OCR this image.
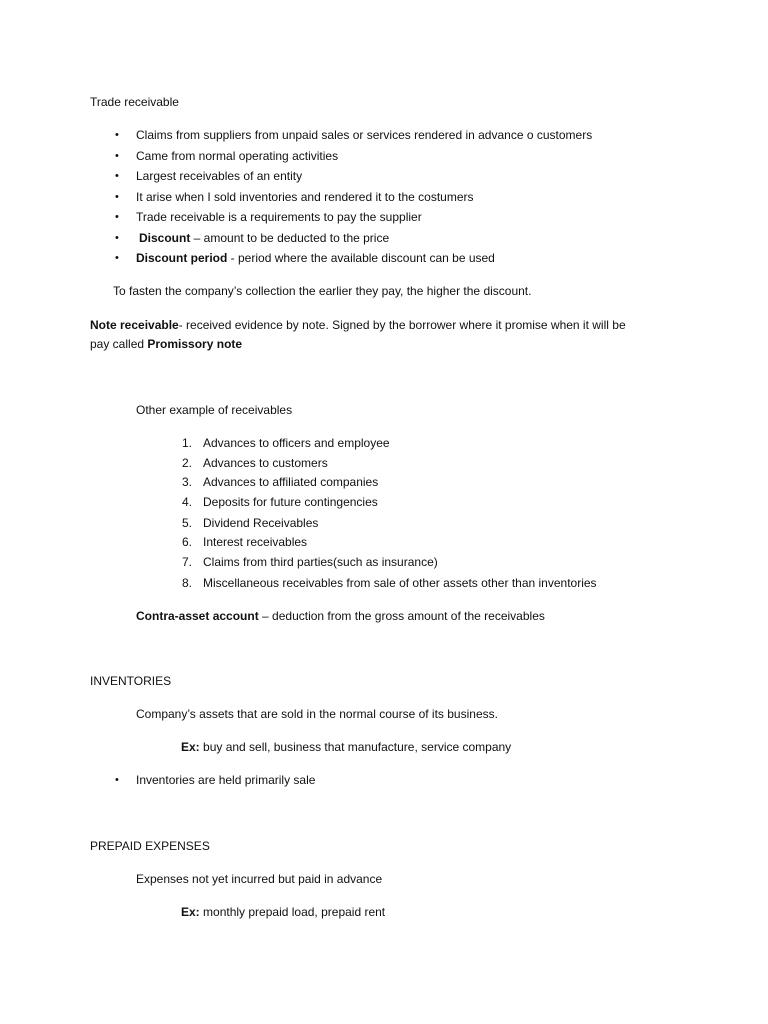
Trade receivable
• Claims from suppliers from unpaid sales or services rendered in advance o customers
• Came from normal operating activities
• Largest receivables of an entity
• It arise when I sold inventories and rendered it to the costumers
• Trade receivable is a requirements to pay the supplier
• Discount – amount to be deducted to the price
• Discount period - period where the available discount can be used
To fasten the company’s collection the earlier they pay, the higher the discount.
Note receivable- received evidence by note. Signed by the borrower where it promise when it will be
pay called Promissory note
Other example of receivables
1. Advances to officers and employee
2. Advances to customers
3. Advances to affiliated companies
4. Deposits for future contingencies
5. Dividend Receivables
6. Interest receivables
7. Claims from third parties(such as insurance)
8. Miscellaneous receivables from sale of other assets other than inventories
Contra-asset account – deduction from the gross amount of the receivables
INVENTORIES
Company’s assets that are sold in the normal course of its business.
Ex: buy and sell, business that manufacture, service company
• Inventories are held primarily sale
PREPAID EXPENSES
Expenses not yet incurred but paid in advance
Ex: monthly prepaid load, prepaid rent
